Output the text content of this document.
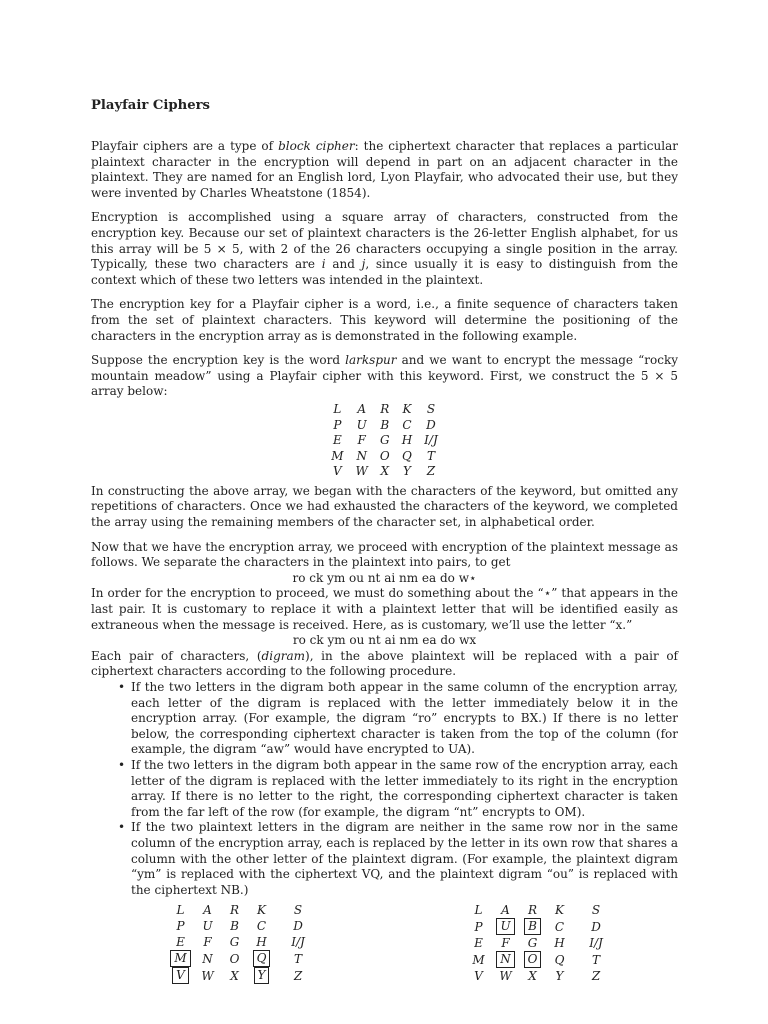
Playfair Ciphers

Playfair ciphers are a type of block cipher: the ciphertext character that replaces a particular plaintext character in the encryption will depend in part on an adjacent character in the plaintext. They are named for an English lord, Lyon Playfair, who advocated their use, but they were invented by Charles Wheatstone (1854).

Encryption is accomplished using a square array of characters, constructed from the encryption key. Because our set of plaintext characters is the 26-letter English alphabet, for us this array will be 5 × 5, with 2 of the 26 characters occupying a single position in the array. Typically, these two characters are i and j, since usually it is easy to distinguish from the context which of these two letters was intended in the plaintext.

The encryption key for a Playfair cipher is a word, i.e., a finite sequence of characters taken from the set of plaintext characters. This keyword will determine the positioning of the characters in the encryption array as is demonstrated in the following example.

Suppose the encryption key is the word larkspur and we want to encrypt the message “rocky mountain meadow” using a Playfair cipher with this keyword. First, we construct the 5 × 5 array below:

L	A	R	K	S
P	U	B	C	D
E	F	G	H	I/J
M	N	O	Q	T
V	W	X	Y	Z

In constructing the above array, we began with the characters of the keyword, but omitted any repetitions of characters. Once we had exhausted the characters of the keyword, we completed the array using the remaining members of the character set, in alphabetical order.

Now that we have the encryption array, we proceed with encryption of the plaintext message as follows. We separate the characters in the plaintext into pairs, to get

ro ck ym ou nt ai nm ea do w⋆

In order for the encryption to proceed, we must do something about the “⋆” that appears in the last pair. It is customary to replace it with a plaintext letter that will be identified easily as extraneous when the message is received. Here, as is customary, we’ll use the letter “x.”

ro ck ym ou nt ai nm ea do wx

Each pair of characters, (digram), in the above plaintext will be replaced with a pair of ciphertext characters according to the following procedure.

• If the two letters in the digram both appear in the same column of the encryption array, each letter of the digram is replaced with the letter immediately below it in the encryption array. (For example, the digram “ro” encrypts to BX.) If there is no letter below, the corresponding ciphertext character is taken from the top of the column (for example, the digram “aw” would have encrypted to UA).
• If the two letters in the digram both appear in the same row of the encryption array, each letter of the digram is replaced with the letter immediately to its right in the encryption array. If there is no letter to the right, the corresponding ciphertext character is taken from the far left of the row (for example, the digram “nt” encrypts to OM).
• If the two plaintext letters in the digram are neither in the same row nor in the same column of the encryption array, each is replaced by the letter in its own row that shares a column with the other letter of the plaintext digram. (For example, the plaintext digram “ym” is replaced with the ciphertext VQ, and the plaintext digram “ou” is replaced with the ciphertext NB.)
L	A	R	K	S
P	U	B	C	D
E	F	G	H	I/J
M	N	O	Q	T
V	W	X	Y	Z
L	A	R	K	S
P	U	B	C	D
E	F	G	H	I/J
M	N	O	Q	T
V	W	X	Y	Z
